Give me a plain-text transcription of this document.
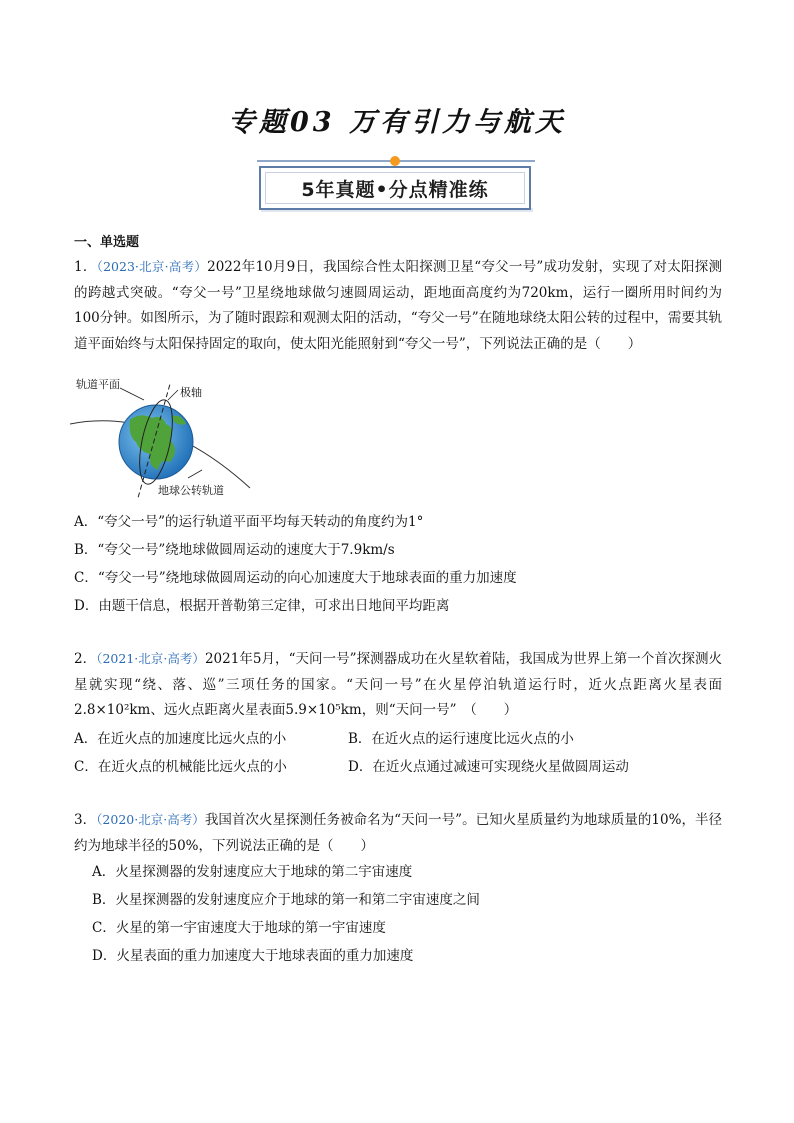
专题03 万有引力与航天
5年真题•分点精准练
一、单选题
1．（2023·北京·高考）2022年10月9日，我国综合性太阳探测卫星“夸父一号”成功发射，实现了对太阳探测的跨越式突破。“夸父一号”卫星绕地球做匀速圆周运动，距地面高度约为720km，运行一圈所用时间约为100分钟。如图所示，为了随时跟踪和观测太阳的活动，“夸父一号”在随地球绕太阳公转的过程中，需要其轨道平面始终与太阳保持固定的取向，使太阳光能照射到“夸父一号”，下列说法正确的是（　　）
轨道平面
极轴
地球公转轨道
A．“夸父一号”的运行轨道平面平均每天转动的角度约为1°
B．“夸父一号”绕地球做圆周运动的速度大于7.9km/s
C．“夸父一号”绕地球做圆周运动的向心加速度大于地球表面的重力加速度
D．由题干信息，根据开普勒第三定律，可求出日地间平均距离
2．（2021·北京·高考）2021年5月，“天问一号”探测器成功在火星软着陆，我国成为世界上第一个首次探测火星就实现“绕、落、巡”三项任务的国家。“天问一号”在火星停泊轨道运行时，近火点距离火星表面2.8×10²km、远火点距离火星表面5.9×10⁵km，则“天问一号”　（　　）
A．在近火点的加速度比远火点的小	B．在近火点的运行速度比远火点的小
C．在近火点的机械能比远火点的小	D．在近火点通过减速可实现绕火星做圆周运动
3．（2020·北京·高考）我国首次火星探测任务被命名为“天问一号”。已知火星质量约为地球质量的10%，半径约为地球半径的50%，下列说法正确的是（　　）
A．火星探测器的发射速度应大于地球的第二宇宙速度
B．火星探测器的发射速度应介于地球的第一和第二宇宙速度之间
C．火星的第一宇宙速度大于地球的第一宇宙速度
D．火星表面的重力加速度大于地球表面的重力加速度
